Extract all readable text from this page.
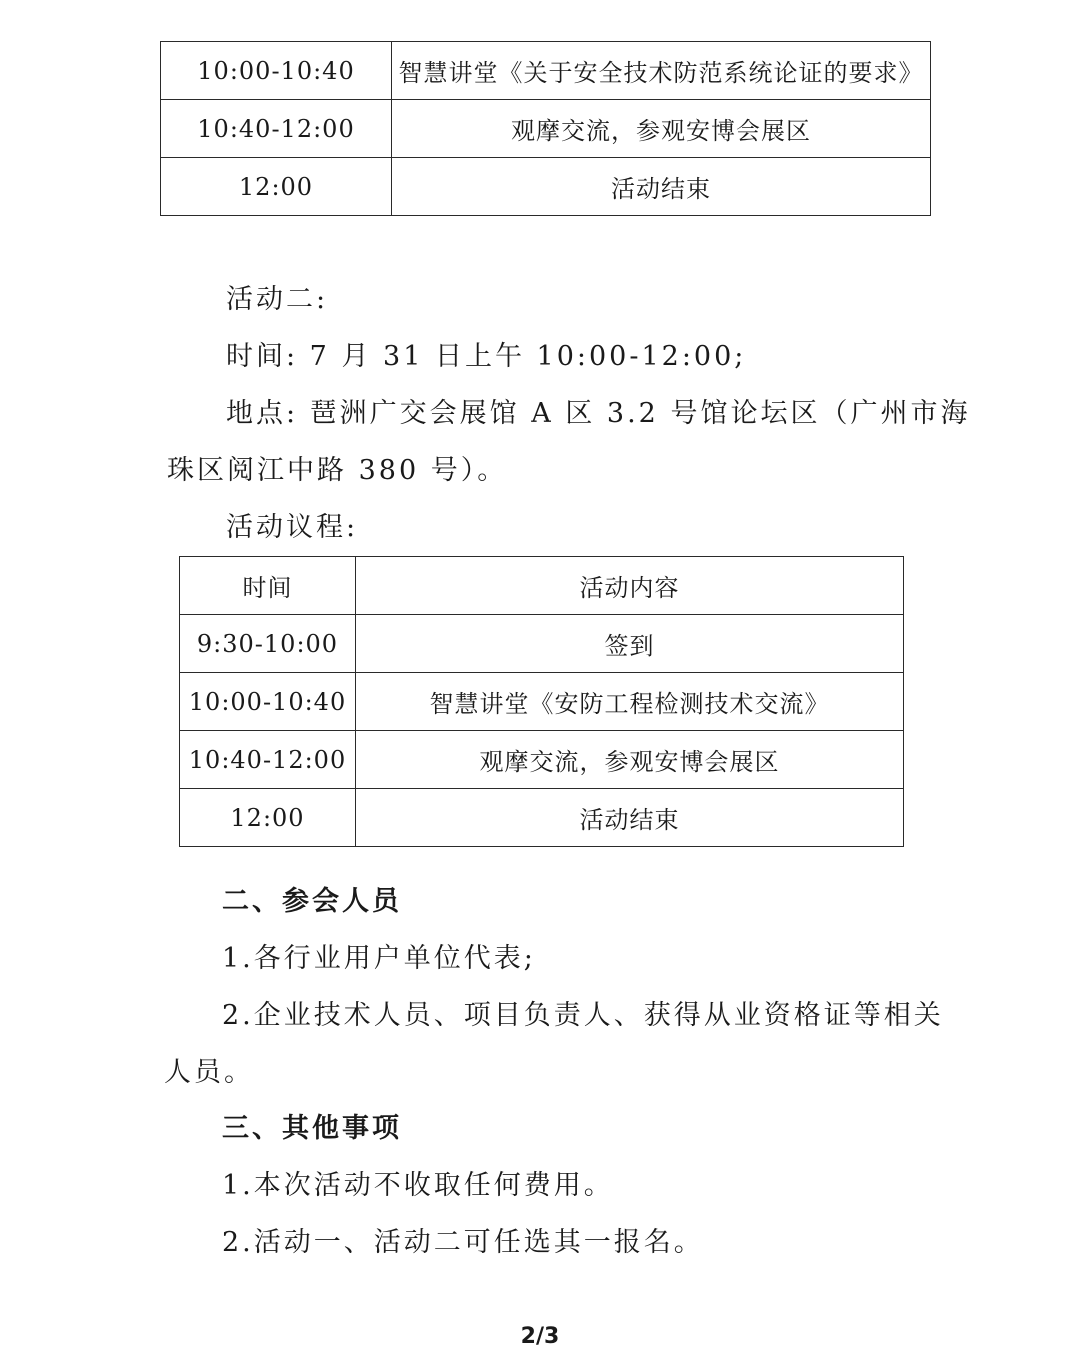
10:00-10:40	智慧讲堂《关于安全技术防范系统论证的要求》
10:40-12:00	观摩交流，参观安博会展区
12:00	活动结束
活动二:
时间: 7 月 31 日上午 10:00-12:00;
地点: 琶洲广交会展馆 A 区 3.2 号馆论坛区（广州市海
珠区阅江中路 380 号）。
活动议程:
时间	活动内容
9:30-10:00	签到
10:00-10:40	智慧讲堂《安防工程检测技术交流》
10:40-12:00	观摩交流，参观安博会展区
12:00	活动结束
二、参会人员
1.各行业用户单位代表;
2.企业技术人员、项目负责人、获得从业资格证等相关
人员。
三、其他事项
1.本次活动不收取任何费用。
2.活动一、活动二可任选其一报名。
2/3
